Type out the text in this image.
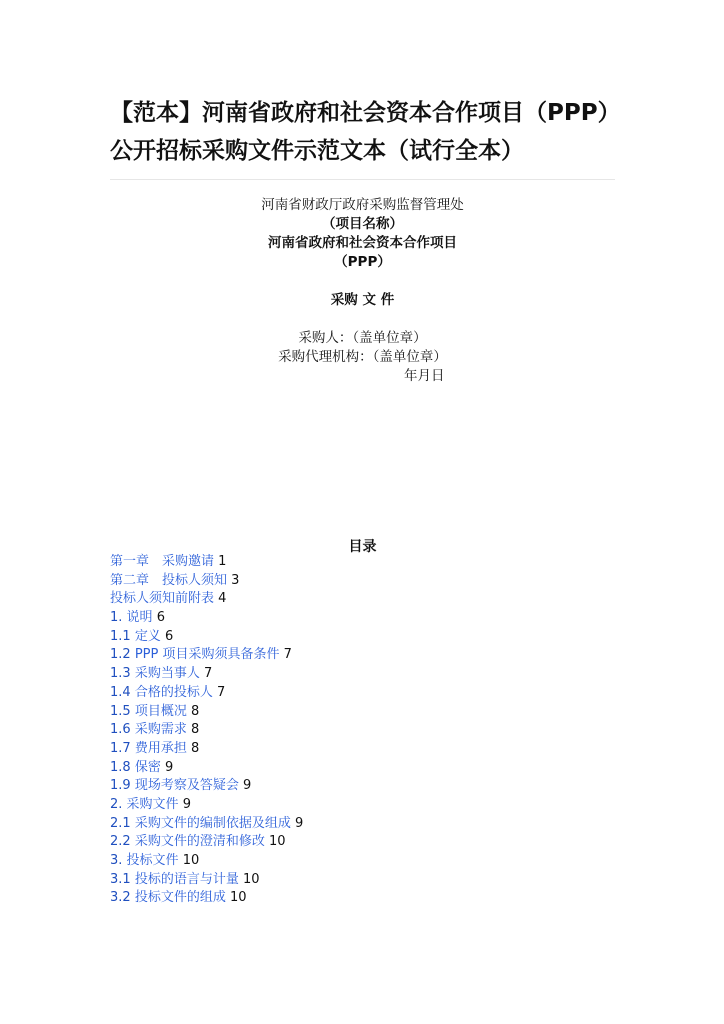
【范本】河南省政府和社会资本合作项目（PPP）公开招标采购文件示范文本（试行全本）
河南省财政厅政府采购监督管理处
（项目名称）
河南省政府和社会资本合作项目
（PPP）
采购 文 件
采购人：（盖单位章）
采购代理机构：（盖单位章）
年月日
目录
第一章　采购邀请 1
第二章　投标人须知 3
投标人须知前附表 4
1. 说明 6
1.1 定义 6
1.2 PPP 项目采购须具备条件 7
1.3 采购当事人 7
1.4 合格的投标人 7
1.5 项目概况 8
1.6 采购需求 8
1.7 费用承担 8
1.8 保密 9
1.9 现场考察及答疑会 9
2. 采购文件 9
2.1 采购文件的编制依据及组成 9
2.2 采购文件的澄清和修改 10
3. 投标文件 10
3.1 投标的语言与计量 10
3.2 投标文件的组成 10
